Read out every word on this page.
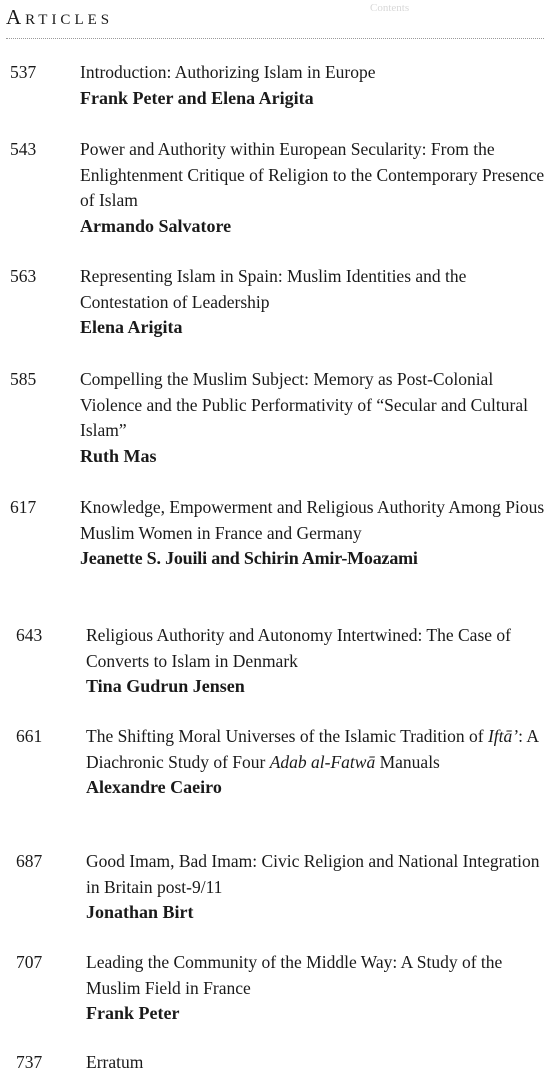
ARTICLES
Contents
537	Introduction: Authorizing Islam in Europe
Frank Peter and Elena Arigita
543	Power and Authority within European Secularity: From the Enlightenment Critique of Religion to the Contemporary Presence of Islam
Armando Salvatore
563	Representing Islam in Spain: Muslim Identities and the Contestation of Leadership
Elena Arigita
585	Compelling the Muslim Subject: Memory as Post-Colonial Violence and the Public Performativity of “Secular and Cultural Islam”
Ruth Mas
617	Knowledge, Empowerment and Religious Authority Among Pious Muslim Women in France and Germany
Jeanette S. Jouili and Schirin Amir-Moazami
643	Religious Authority and Autonomy Intertwined: The Case of Converts to Islam in Denmark
Tina Gudrun Jensen
661	The Shifting Moral Universes of the Islamic Tradition of Iftā’: A Diachronic Study of Four Adab al-Fatwā Manuals
Alexandre Caeiro
687	Good Imam, Bad Imam: Civic Religion and National Integration in Britain post-9/11
Jonathan Birt
707	Leading the Community of the Middle Way: A Study of the Muslim Field in France
Frank Peter
737	Erratum
